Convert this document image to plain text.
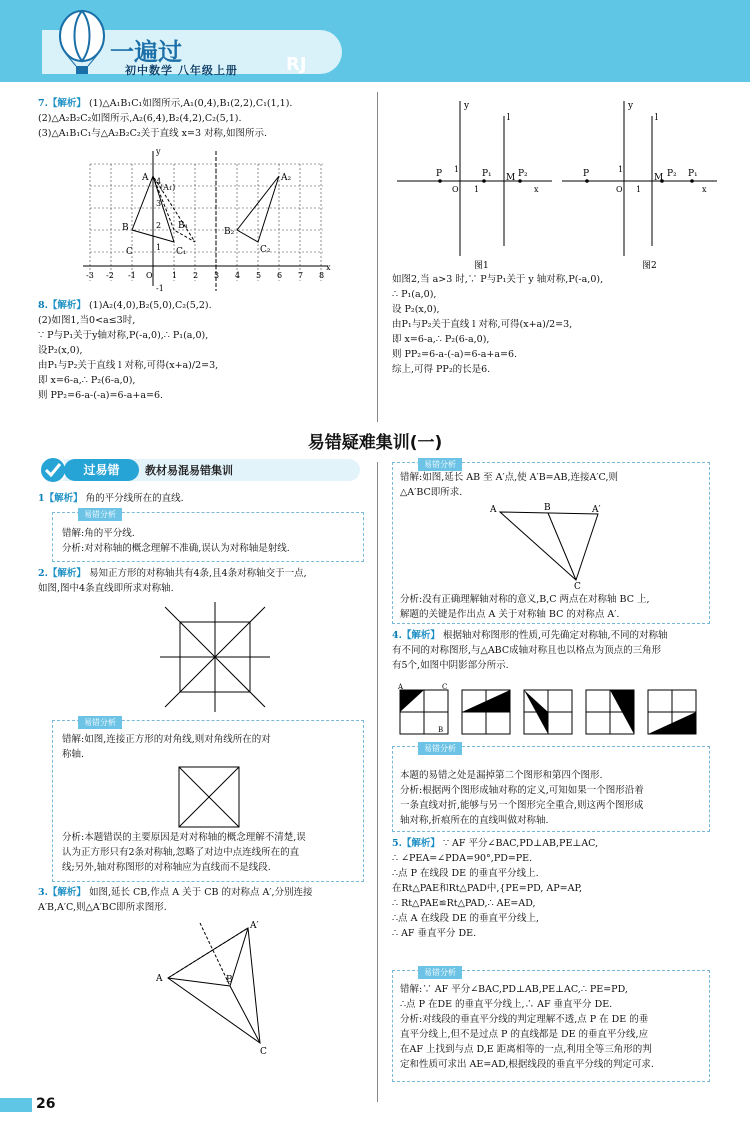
一遍过
初中数学 八年级上册	RJ
7.【解析】 (1)△A₁B₁C₁如图所示,A₁(0,4),B₁(2,2),C₁(1,1).
(2)△A₂B₂C₂如图所示,A₂(6,4),B₂(4,2),C₂(5,1).
(3)△A₁B₁C₁与△A₂B₂C₂关于直线 x=3 对称,如图所示.
A
B
C
B₁
C₁
A₂
B₂
C₂
(A₁)
x
y
-3 -2 -1 O 1 2 3 4 5 6 7 8
1
2
3
4
-1
8.【解析】 (1)A₂(4,0),B₂(5,0),C₂(5,2).
(2)如图1,当0<a≤3时,
∵ P与P₁关于y轴对称,P(-a,0),∴ P₁(a,0),
设P₂(x,0),
由P₁与P₂关于直线 l 对称,可得(x+a)/2=3,
即 x=6-a,∴ P₂(6-a,0),
则 PP₂=6-a-(-a)=6-a+a=6.
P	P₁ M P₂
y
l
O 1	x
1
图1
P	M P₂ P₁
y
l
O 1	x
1
图2
如图2,当 a>3 时,∵ P与P₁关于 y 轴对称,P(-a,0),
∴ P₁(a,0),
设 P₂(x,0),
由P₁与P₂关于直线 l 对称,可得(x+a)/2=3,
即 x=6-a,∴ P₂(6-a,0),
则 PP₂=6-a-(-a)=6-a+a=6.
综上,可得 PP₂的长是6.
易错疑难集训(一)
过易错	教材易混易错集训
1【解析】 角的平分线所在的直线.
易错分析
错解:角的平分线.
分析:对对称轴的概念理解不准确,误认为对称轴是射线.
2.【解析】 易知正方形的对称轴共有4条,且4条对称轴交于一点,
如图,图中4条直线即所求对称轴.
易错分析
错解:如图,连接正方形的对角线,则对角线所在的对
称轴.
分析:本题错误的主要原因是对对称轴的概念理解不清楚,误
认为正方形只有2条对称轴,忽略了对边中点连线所在的直
线;另外,轴对称图形的对称轴应为直线而不是线段.
3.【解析】 如图,延长 CB,作点 A 关于 CB 的对称点 A′,分别连接
A′B,A′C,则△A′BC即所求图形.
A	B
A′
C
易错分析
错解:如图,延长 AB 至 A′点,使 A′B=AB,连接A′C,则
△A′BC即所求.
A	B	A′
C
分析:没有正确理解轴对称的意义,B,C 两点在对称轴 BC 上,
解题的关键是作出点 A 关于对称轴 BC 的对称点 A′.
4.【解析】 根据轴对称图形的性质,可先确定对称轴,不同的对称轴
有不同的对称图形,与△ABC成轴对称且也以格点为顶点的三角形
有5个,如图中阴影部分所示.
A	C
B
易错分析
本题的易错之处是漏掉第二个图形和第四个图形.
分析:根据两个图形成轴对称的定义,可知如果一个图形沿着
一条直线对折,能够与另一个图形完全重合,则这两个图形成
轴对称,折痕所在的直线叫做对称轴.
5.【解析】 ∵ AF 平分∠BAC,PD⊥AB,PE⊥AC,
∴ ∠PEA=∠PDA=90°,PD=PE.
∴点 P 在线段 DE 的垂直平分线上.
在Rt△PAE和Rt△PAD中,{PE=PD, AP=AP,
∴ Rt△PAE≌Rt△PAD,∴ AE=AD,
∴点 A 在线段 DE 的垂直平分线上,
∴ AF 垂直平分 DE.
易错分析
错解:∵ AF 平分∠BAC,PD⊥AB,PE⊥AC,∴ PE=PD,
∴点 P 在DE 的垂直平分线上,∴ AF 垂直平分 DE.
分析:对线段的垂直平分线的判定理解不透,点 P 在 DE 的垂
直平分线上,但不是过点 P 的直线都是 DE 的垂直平分线,应
在AF 上找到与点 D,E 距离相等的一点,利用全等三角形的判
定和性质可求出 AE=AD,根据线段的垂直平分线的判定可求.
26
